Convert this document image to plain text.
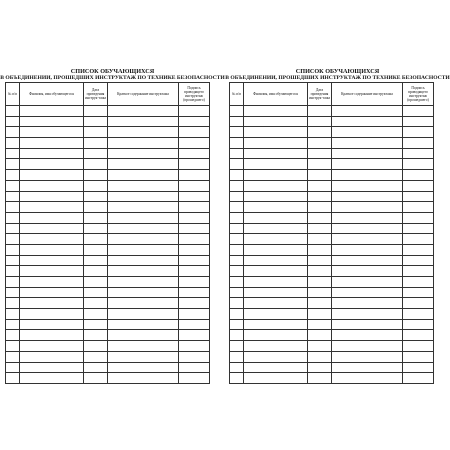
СПИСОК ОБУЧАЮЩИХСЯ
В ОБЪЕДИНЕНИИ, ПРОШЕДШИХ ИНСТРУКТАЖ ПО ТЕХНИКЕ БЕЗОПАСНОСТИ
№ п/п	Фамилия, имя обучающегося	Дата проведения инструк-тажа	Краткое содержание инструктажа	Подпись проводящего инструктаж (прошедшего)

СПИСОК ОБУЧАЮЩИХСЯ
В ОБЪЕДИНЕНИИ, ПРОШЕДШИХ ИНСТРУКТАЖ ПО ТЕХНИКЕ БЕЗОПАСНОСТИ
№ п/п	Фамилия, имя обучающегося	Дата проведения инструк-тажа	Краткое содержание инструктажа	Подпись проводящего инструктаж (прошедшего)
